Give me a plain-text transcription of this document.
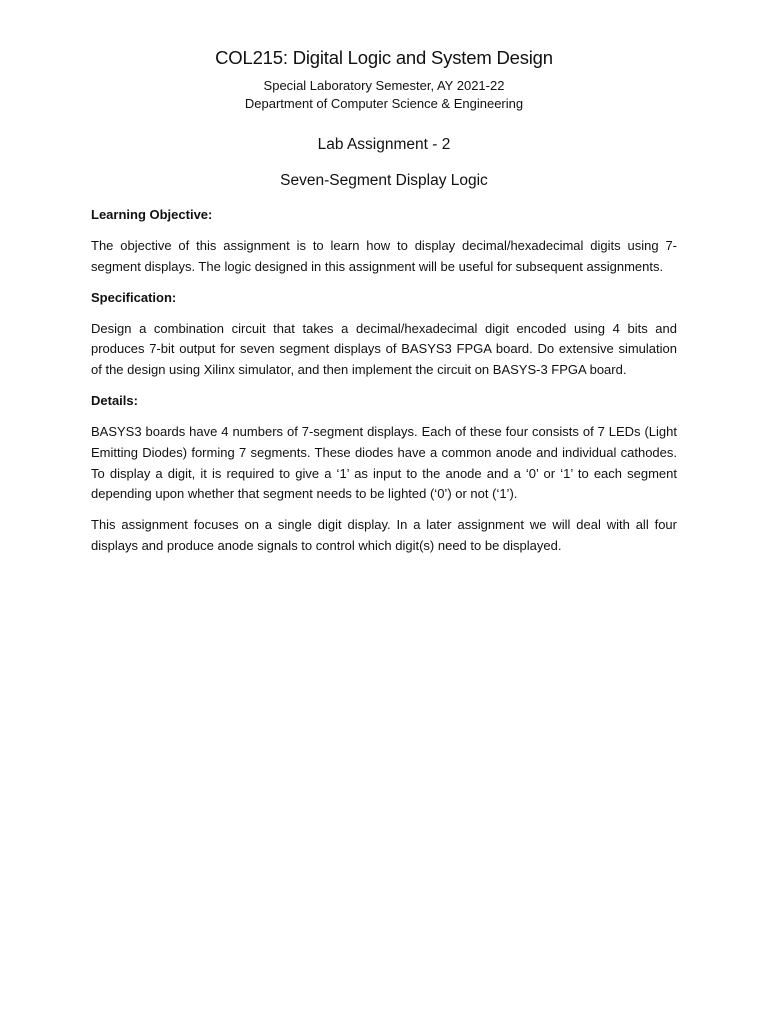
COL215: Digital Logic and System Design
Special Laboratory Semester, AY 2021-22
Department of Computer Science & Engineering
Lab Assignment - 2
Seven-Segment Display Logic
Learning Objective:
The objective of this assignment is to learn how to display decimal/hexadecimal digits using 7-segment displays. The logic designed in this assignment will be useful for subsequent assignments.
Specification:
Design a combination circuit that takes a decimal/hexadecimal digit encoded using 4 bits and produces 7-bit output for seven segment displays of BASYS3 FPGA board. Do extensive simulation of the design using Xilinx simulator, and then implement the circuit on BASYS-3 FPGA board.
Details:
BASYS3 boards have 4 numbers of 7-segment displays. Each of these four consists of 7 LEDs (Light Emitting Diodes) forming 7 segments. These diodes have a common anode and individual cathodes. To display a digit, it is required to give a ‘1’ as input to the anode and a ‘0’ or ‘1’ to each segment depending upon whether that segment needs to be lighted (‘0’) or not (‘1’).
This assignment focuses on a single digit display. In a later assignment we will deal with all four displays and produce anode signals to control which digit(s) need to be displayed.
